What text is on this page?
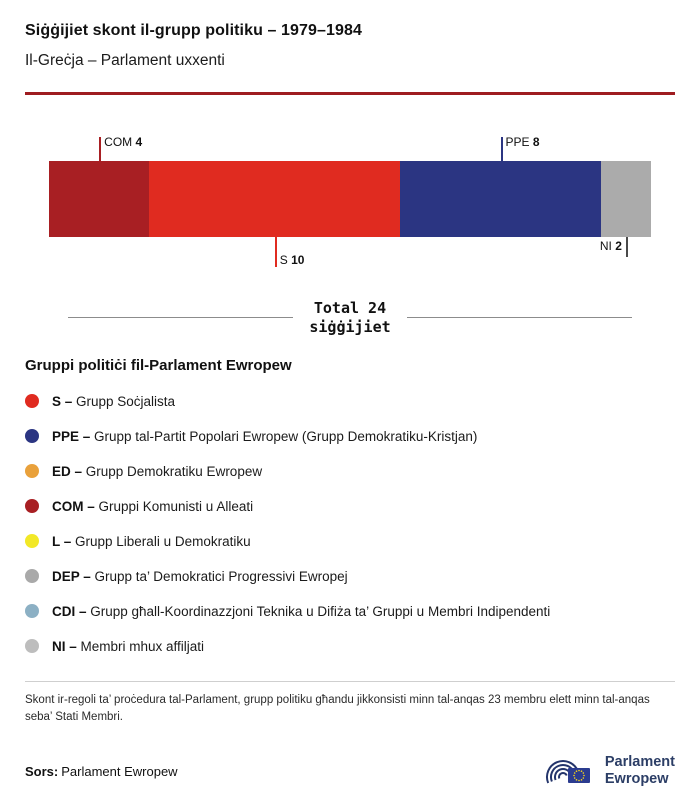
Siġġijiet skont il-grupp politiku – 1979–1984
Il-Greċja – Parlament uxxenti
COM 4
S 10
PPE 8
NI 2
Total 24
siġġijiet
Gruppi politiċi fil-Parlament Ewropew
S – Grupp Soċjalista
PPE – Grupp tal-Partit Popolari Ewropew (Grupp Demokratiku-Kristjan)
ED – Grupp Demokratiku Ewropew
COM – Gruppi Komunisti u Alleati
L – Grupp Liberali u Demokratiku
DEP – Grupp ta’ Demokratici Progressivi Ewropej
CDI – Grupp għall-Koordinazzjoni Teknika u Difiża ta’ Gruppi u Membri Indipendenti
NI – Membri mhux affiljati

Skont ir-regoli ta’ proċedura tal-Parlament, grupp politiku għandu jikkonsisti minn tal-anqas 23 membru elett minn tal-anqas seba’ Stati Membri.

Sors: Parlament Ewropew
Parlament
Ewropew
